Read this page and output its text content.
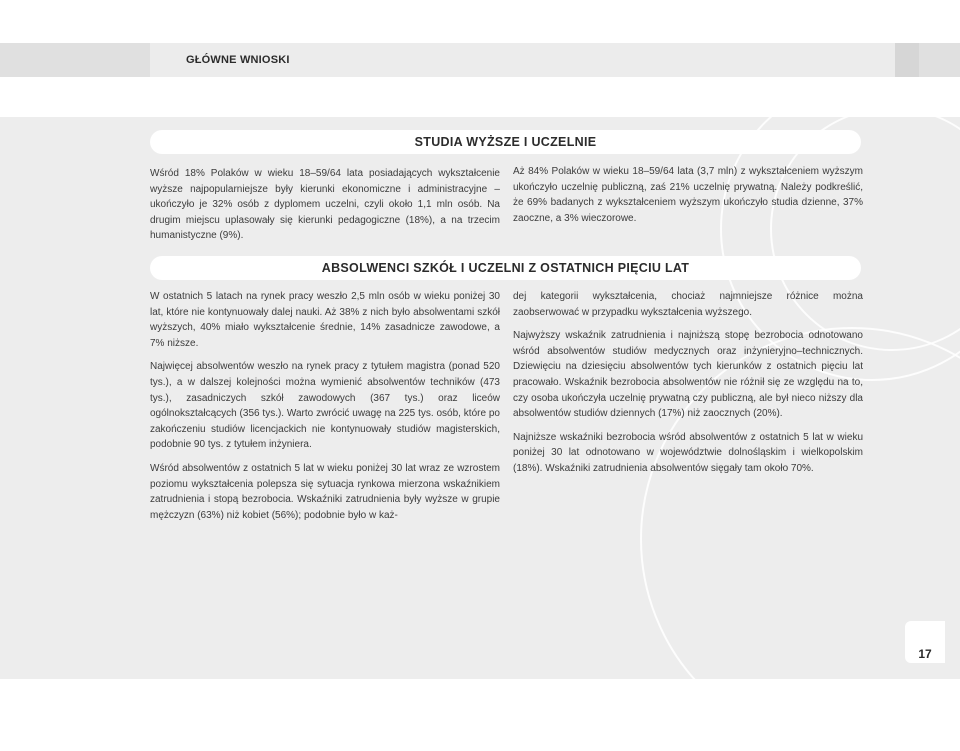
GŁÓWNE WNIOSKI
STUDIA WYŻSZE I UCZELNIE

Wśród 18% Polaków w wieku 18–59/64 lata posiadających wykształcenie wyższe najpopularniejsze były kierunki ekonomiczne i administracyjne – ukończyło je 32% osób z dyplomem uczelni, czyli około 1,1 mln osób. Na drugim miejscu uplasowały się kierunki pedagogiczne (18%), a na trzecim humanistyczne (9%).

Aż 84% Polaków w wieku 18–59/64 lata (3,7 mln) z wykształceniem wyższym ukończyło uczelnię publiczną, zaś 21% uczelnię prywatną. Należy podkreślić, że 69% badanych z wykształceniem wyższym ukończyło studia dzienne, 37% zaoczne, a 3% wieczorowe.

ABSOLWENCI SZKÓŁ I UCZELNI Z OSTATNICH PIĘCIU LAT

W ostatnich 5 latach na rynek pracy weszło 2,5 mln osób w wieku poniżej 30 lat, które nie kontynuowały dalej nauki. Aż 38% z nich było absolwentami szkół wyższych, 40% miało wykształcenie średnie, 14% zasadnicze zawodowe, a 7% niższe.

Najwięcej absolwentów weszło na rynek pracy z tytułem magistra (ponad 520 tys.), a w dalszej kolejności można wymienić absolwentów techników (473 tys.), zasadniczych szkół zawodowych (367 tys.) oraz liceów ogólnokształcących (356 tys.). Warto zwrócić uwagę na 225 tys. osób, które po zakończeniu studiów licencjackich nie kontynuowały studiów magisterskich, podobnie 90 tys. z tytułem inżyniera.

Wśród absolwentów z ostatnich 5 lat w wieku poniżej 30 lat wraz ze wzrostem poziomu wykształcenia polepsza się sytuacja rynkowa mierzona wskaźnikiem zatrudnienia i stopą bezrobocia. Wskaźniki zatrudnienia były wyższe w grupie mężczyzn (63%) niż kobiet (56%); podobnie było w każ-

dej kategorii wykształcenia, chociaż najmniejsze różnice można zaobserwować w przypadku wykształcenia wyższego.

Najwyższy wskaźnik zatrudnienia i najniższą stopę bezrobocia odnotowano wśród absolwentów studiów medycznych oraz inżynieryjno–technicznych. Dziewięciu na dziesięciu absolwentów tych kierunków z ostatnich pięciu lat pracowało. Wskaźnik bezrobocia absolwentów nie różnił się ze względu na to, czy osoba ukończyła uczelnię prywatną czy publiczną, ale był nieco niższy dla absolwentów studiów dziennych (17%) niż zaocznych (20%).

Najniższe wskaźniki bezrobocia wśród absolwentów z ostatnich 5 lat w wieku poniżej 30 lat odnotowano w województwie dolnośląskim i wielkopolskim (18%). Wskaźniki zatrudnienia absolwentów sięgały tam około 70%.

17
